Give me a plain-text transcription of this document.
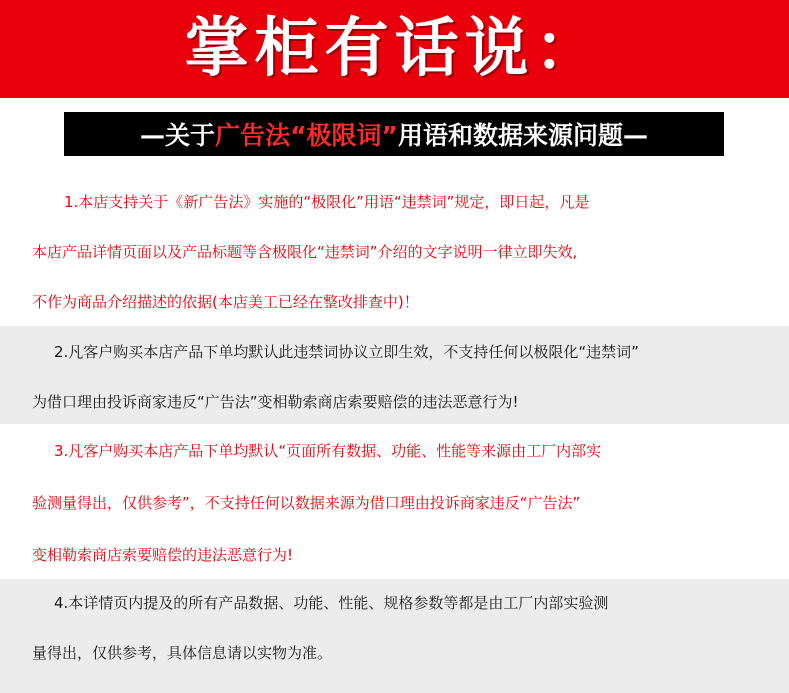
掌柜有话说：
—关于 广告法“极限词” 用语和数据来源问题—
1.本店支持关于《新广告法》实施的“极限化”用语“违禁词”规定，即日起，凡是
本店产品详情页面以及产品标题等含极限化“违禁词”介绍的文字说明一律立即失效,
不作为商品介绍描述的依据(本店美工已经在整改排查中)！
2.凡客户购买本店产品下单均默认此违禁词协议立即生效，不支持任何以极限化“违禁词”
为借口理由投诉商家违反“广告法”变相勒索商店索要赔偿的违法恶意行为!
3.凡客户购买本店产品下单均默认“页面所有数据、功能、性能等来源由工厂内部实
验测量得出，仅供参考”，不支持任何以数据来源为借口理由投诉商家违反“广告法”
变相勒索商店索要赔偿的违法恶意行为!
4.本详情页内提及的所有产品数据、功能、性能、规格参数等都是由工厂内部实验测
量得出，仅供参考，具体信息请以实物为准。
